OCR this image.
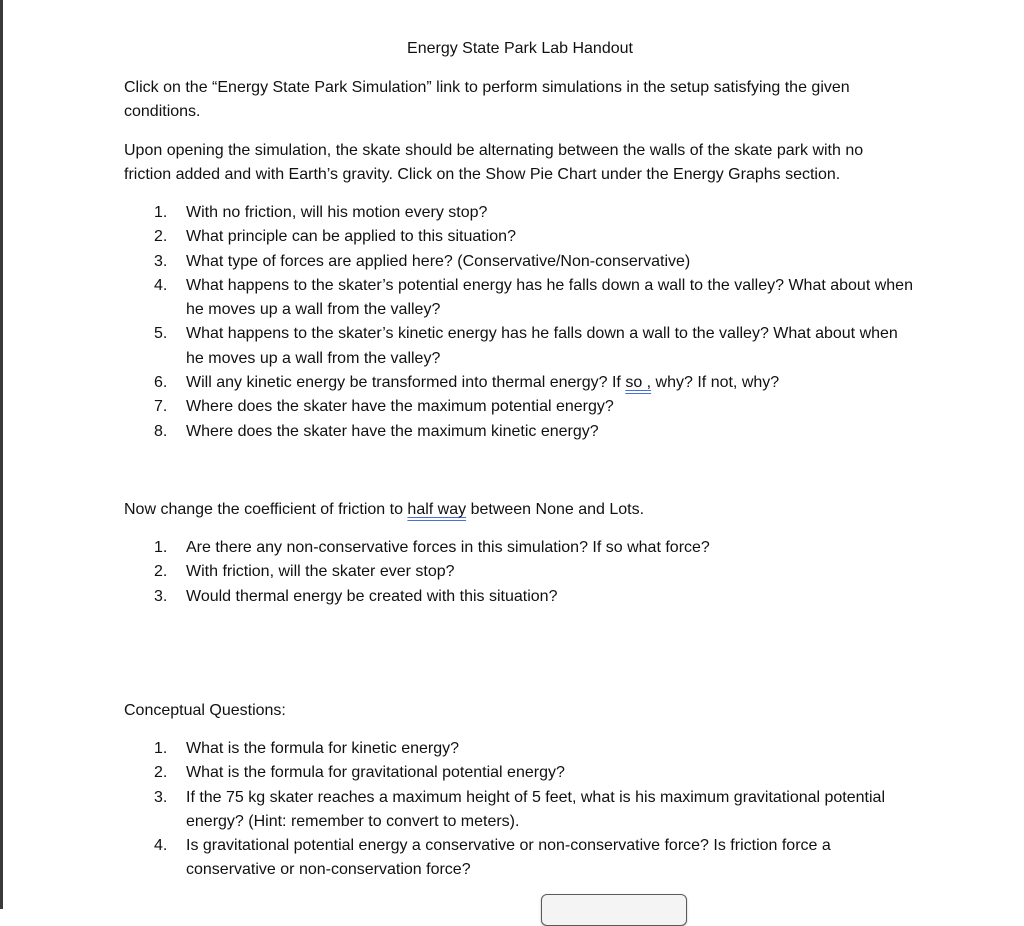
Energy State Park Lab Handout
Click on the “Energy State Park Simulation” link to perform simulations in the setup satisfying the given conditions.
Upon opening the simulation, the skate should be alternating between the walls of the skate park with no friction added and with Earth’s gravity. Click on the Show Pie Chart under the Energy Graphs section.
1. With no friction, will his motion every stop?
2. What principle can be applied to this situation?
3. What type of forces are applied here? (Conservative/Non-conservative)
4. What happens to the skater’s potential energy has he falls down a wall to the valley? What about when he moves up a wall from the valley?
5. What happens to the skater’s kinetic energy has he falls down a wall to the valley? What about when he moves up a wall from the valley?
6. Will any kinetic energy be transformed into thermal energy? If so , why? If not, why?
7. Where does the skater have the maximum potential energy?
8. Where does the skater have the maximum kinetic energy?
Now change the coefficient of friction to half way between None and Lots.
1. Are there any non-conservative forces in this simulation? If so what force?
2. With friction, will the skater ever stop?
3. Would thermal energy be created with this situation?
Conceptual Questions:
1. What is the formula for kinetic energy?
2. What is the formula for gravitational potential energy?
3. If the 75 kg skater reaches a maximum height of 5 feet, what is his maximum gravitational potential energy? (Hint: remember to convert to meters).
4. Is gravitational potential energy a conservative or non-conservative force? Is friction force a conservative or non-conservation force?
